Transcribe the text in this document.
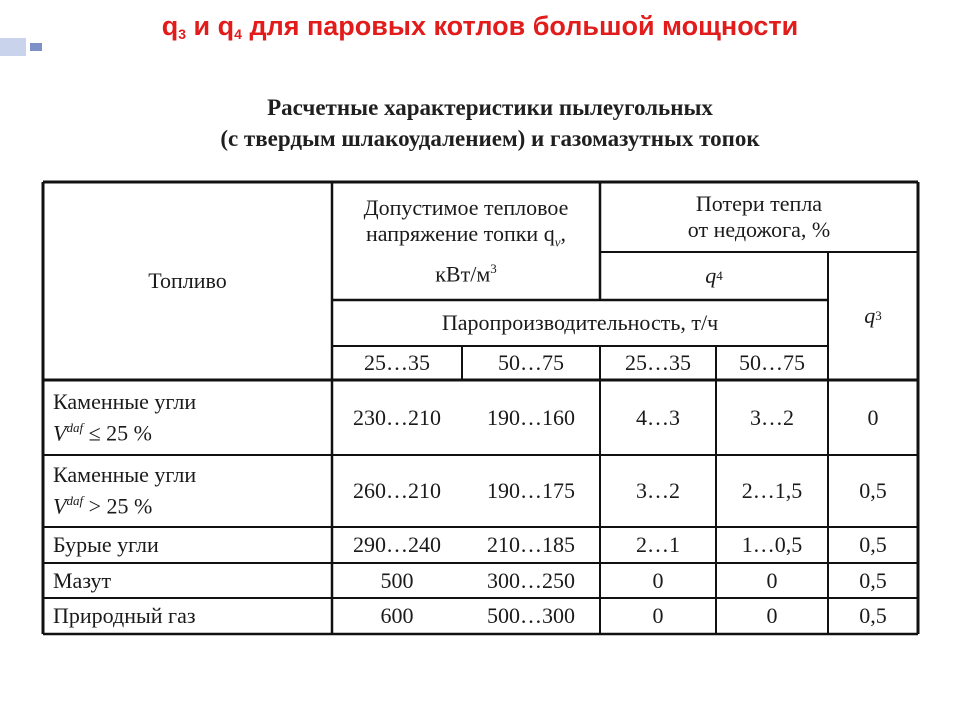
$q_3$ и $q_4$ для паровых котлов большой мощности
Расчетные характеристики пылеугольных
(с твердым шлакоудалением) и газомазутных топок
Топливо
Допустимое тепловое
напряжение топки $q_v$,
кВт/$м^3$
Потери тепла
от недожога, %
q 4
q 3
Паропроизводительность, т/ч
25…35	50…75	25…35 50…75
Каменные угли
$V^{daf} \le 25$ %
230…210 190…160	4…3	3…2	0
Каменные угли
$V^{daf} > 25$ %
260…210 190…175	3…2	2…1,5	0,5
Бурые угли	290…240 210…185	2…1	1…0,5	0,5
Мазут	500	300…250	0	0	0,5
Природный газ	600	500…300	0	0	0,5
